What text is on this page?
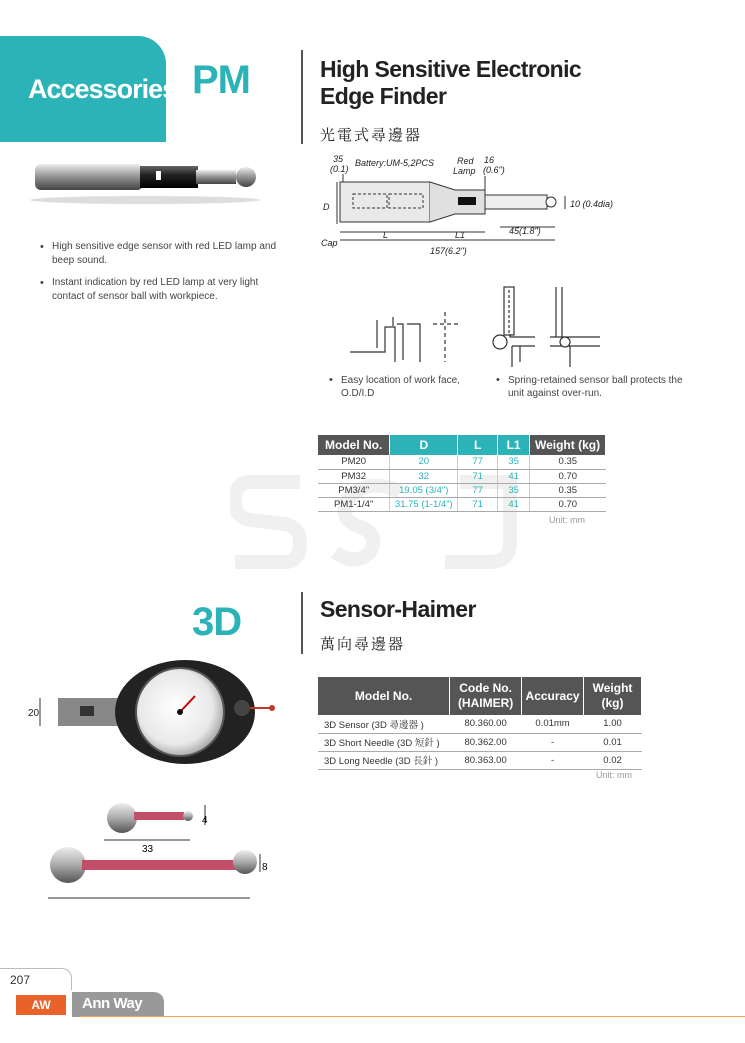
Accessories PM	High Sensitive Electronic
Edge Finder
光電式尋邊器
• High sensitive edge sensor with red LED lamp and beep sound.
• Instant indication by red LED lamp at very light contact of sensor ball with workpiece.
35
(0.1)
Battery:UM-5,2PCS	Red
Lamp
16
(0.6")
D
Cap
L	L1
157(6.2")
45(1.8")
10 (0.4dia)
• Easy location of work face, O.D/I.D
• Spring-retained sensor ball protects the unit against over-run.
Model No.	D	L	L1	Weight (kg)
PM20	20	77	35	0.35
PM32	32	71	41	0.70
PM3/4"	19.05 (3/4")	77	35	0.35
PM1-1/4"	31.75 (1-1/4")	71	41	0.70
Unit: mm
3D	Sensor-Haimer
萬向尋邊器
20
4
33
8
Model No.	Code No. (HAIMER)	Accuracy	Weight (kg)
3D Sensor (3D 尋邊器 )	80.360.00	0.01mm	1.00
3D Short Needle (3D 短針 )	80.362.00	-	0.01
3D Long Needle (3D 長針 )	80.363.00	-	0.02
Unit: mm
207
AW	Ann Way
